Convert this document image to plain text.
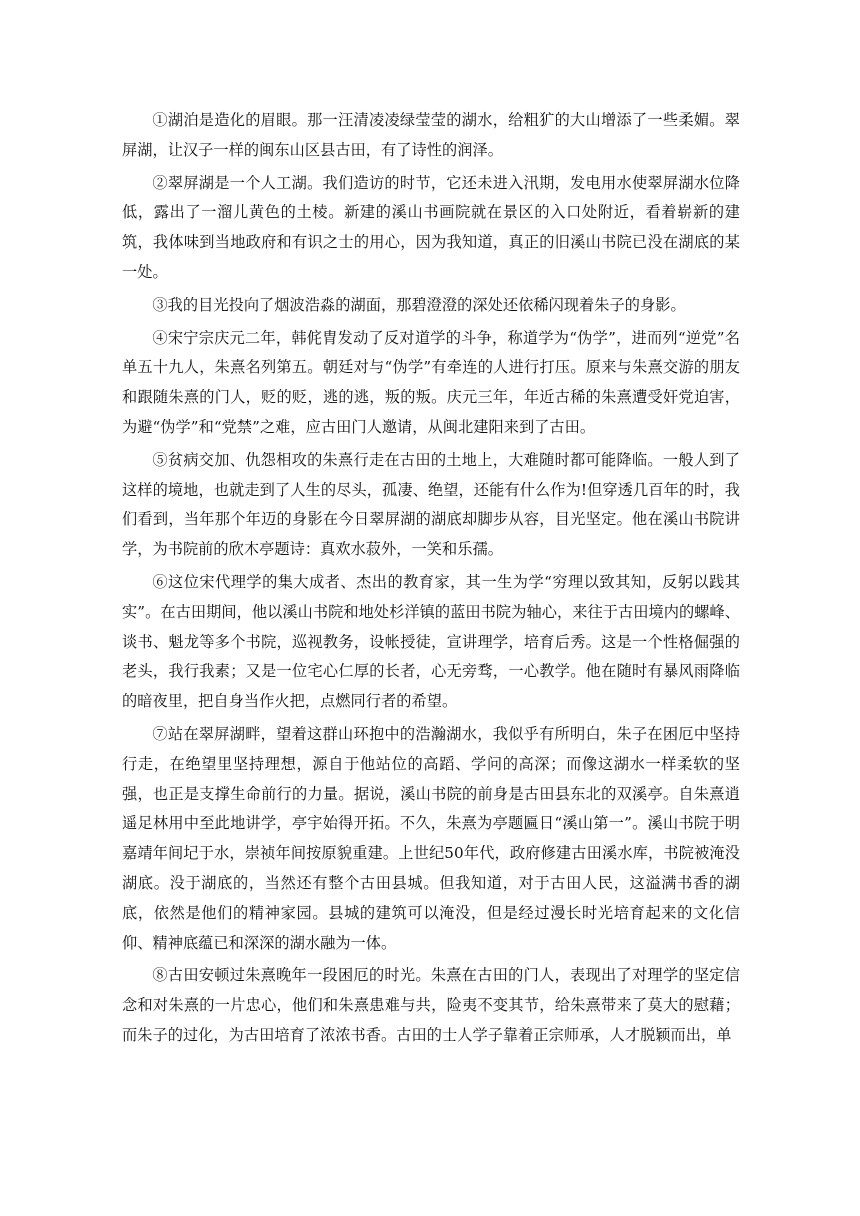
①湖泊是造化的眉眼。那一汪清凌凌绿莹莹的湖水，给粗犷的大山增添了一些柔媚。翠屏湖，让汉子一样的闽东山区县古田，有了诗性的润泽。

②翠屏湖是一个人工湖。我们造访的时节，它还未进入汛期，发电用水使翠屏湖水位降低，露出了一溜儿黄色的土棱。新建的溪山书画院就在景区的入口处附近，看着崭新的建筑，我体味到当地政府和有识之士的用心，因为我知道，真正的旧溪山书院已没在湖底的某一处。

③我的目光投向了烟波浩淼的湖面，那碧澄澄的深处还依稀闪现着朱子的身影。

④宋宁宗庆元二年，韩侂胄发动了反对道学的斗争，称道学为“伪学”，进而列“逆党”名单五十九人，朱熹名列第五。朝廷对与“伪学”有牵连的人进行打压。原来与朱熹交游的朋友和跟随朱熹的门人，贬的贬，逃的逃，叛的叛。庆元三年，年近古稀的朱熹遭受奸党迫害，为避“伪学”和“党禁”之难，应古田门人邀请，从闽北建阳来到了古田。

⑤贫病交加、仇怨相攻的朱熹行走在古田的土地上，大难随时都可能降临。一般人到了这样的境地，也就走到了人生的尽头，孤凄、绝望，还能有什么作为!但穿透几百年的时，我们看到，当年那个年迈的身影在今日翠屏湖的湖底却脚步从容，目光坚定。他在溪山书院讲学，为书院前的欣木亭题诗：真欢水菽外，一笑和乐孺。

⑥这位宋代理学的集大成者、杰出的教育家，其一生为学“穷理以致其知，反躬以践其实”。在古田期间，他以溪山书院和地处杉洋镇的蓝田书院为轴心，来往于古田境内的螺峰、谈书、魁龙等多个书院，巡视教务，设帐授徒，宣讲理学，培育后秀。这是一个性格倔强的老头，我行我素；又是一位宅心仁厚的长者，心无旁骛，一心教学。他在随时有暴风雨降临的暗夜里，把自身当作火把，点燃同行者的希望。

⑦站在翠屏湖畔，望着这群山环抱中的浩瀚湖水，我似乎有所明白，朱子在困厄中坚持行走，在绝望里坚持理想，源自于他站位的高蹈、学问的高深；而像这湖水一样柔软的坚强，也正是支撑生命前行的力量。据说，溪山书院的前身是古田县东北的双溪亭。自朱熹逍遥足林用中至此地讲学，亭宇始得开拓。不久，朱熹为亭题匾日“溪山第一”。溪山书院于明嘉靖年间圮于水，崇祯年间按原貌重建。上世纪50年代，政府修建古田溪水库，书院被淹没湖底。没于湖底的，当然还有整个古田县城。但我知道，对于古田人民，这溢满书香的湖底，依然是他们的精神家园。县城的建筑可以淹没，但是经过漫长时光培育起来的文化信仰、精神底蕴已和深深的湖水融为一体。

⑧古田安顿过朱熹晚年一段困厄的时光。朱熹在古田的门人，表现出了对理学的坚定信念和对朱熹的一片忠心，他们和朱熹患难与共，险夷不变其节，给朱熹带来了莫大的慰藉；而朱子的过化，为古田培育了浓浓书香。古田的士人学子靠着正宗师承，人才脱颖而出，单
